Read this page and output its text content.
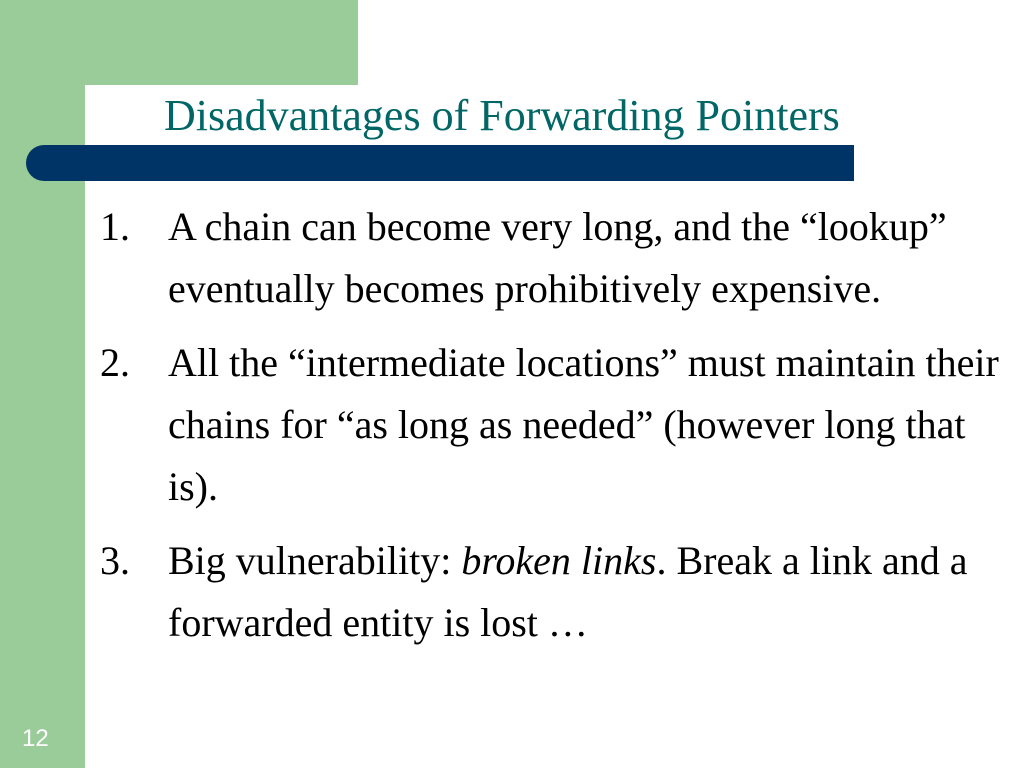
Disadvantages of Forwarding Pointers
1. A chain can become very long, and the “lookup” eventually becomes prohibitively expensive.
2. All the “intermediate locations” must maintain their chains for “as long as needed” (however long that is).
3. Big vulnerability: broken links. Break a link and a forwarded entity is lost …
12
